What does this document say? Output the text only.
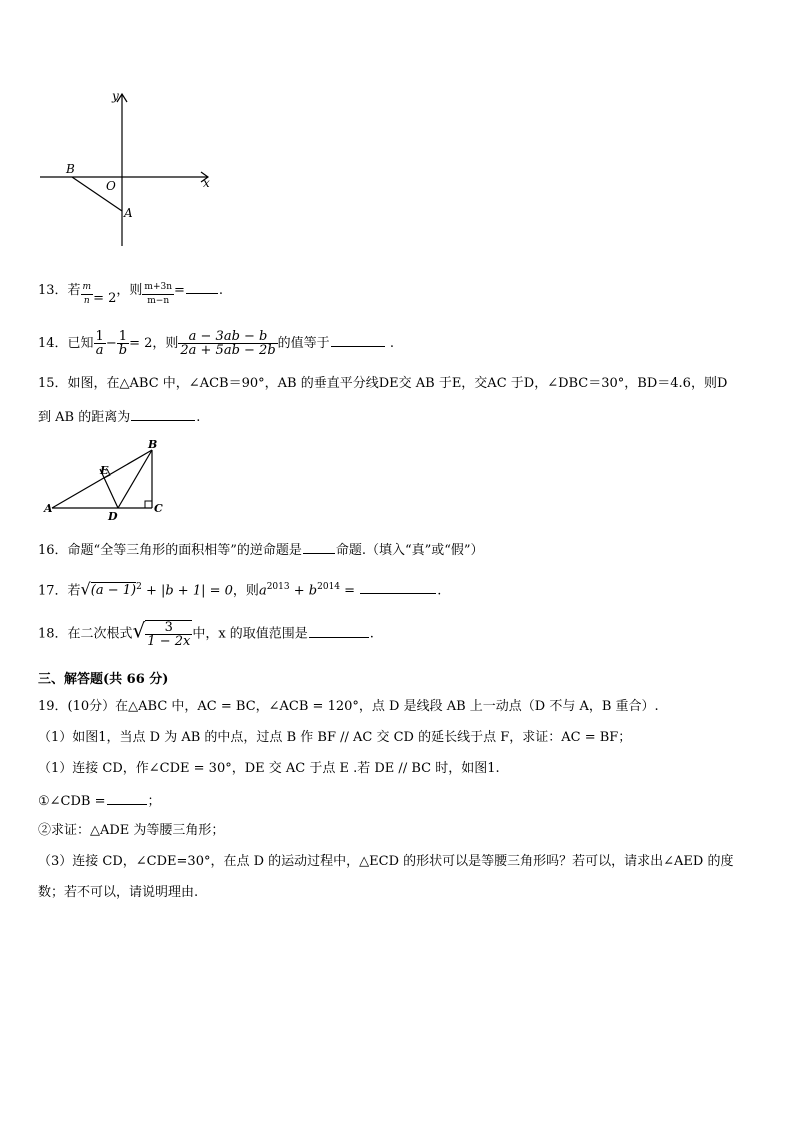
y
x
B
O
A
13．若 $\frac{m}{n} = 2$，则 $\frac{m+3n}{m-n}$ =	.
14．已知 $\frac{1}{a} - \frac{1}{b} = 2$，则 $\frac{a - 3ab - b}{2a + 5ab - 2b}$ 的值等于	.
15．如图，在△ABC 中，∠ACB＝90°，AB 的垂直平分线DE交 AB 于E，交AC 于D，∠DBC＝30°，BD＝4.6，则D
到 AB 的距离为	.
A
B
C
D
E
16．命题“全等三角形的面积相等”的逆命题是	命题.（填入“真”或“假”）
17．若$√(a - 1)^2 + |b + 1| = 0$，则$a^{2013} + b^{2014}$ =	.
18．在二次根式√ $\frac{3}{1 - 2x}$ 中，x 的取值范围是	.
三、解答题(共 66 分)
19．(10分）在△ABC 中，AC = BC，∠ACB = 120°，点 D 是线段 AB 上一动点（D 不与 A，B 重合）.
（1）如图1，当点 D 为 AB 的中点，过点 B 作 BF // AC 交 CD 的延长线于点 F，求证：AC = BF；
（1）连接 CD，作∠CDE = 30°，DE 交 AC 于点 E .若 DE // BC 时，如图1.
①∠CDB =	；
②求证：△ADE 为等腰三角形；
（3）连接 CD，∠CDE=30°，在点 D 的运动过程中，△ECD 的形状可以是等腰三角形吗？若可以，请求出∠AED 的度
数；若不可以，请说明理由.
